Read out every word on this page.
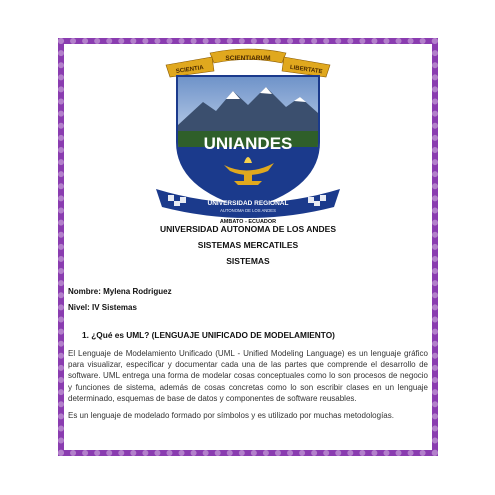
SCIENTIARUM
SCIENTIA	LIBERTATE
UNIANDES
UNIVERSIDAD REGIONAL
AUTONOMA DE LOS ANDES
AMBATO - ECUADOR
UNIVERSIDAD AUTONOMA DE LOS ANDES
SISTEMAS MERCATILES
SISTEMAS
Nombre: Mylena Rodriguez
Nivel: IV Sistemas
1. ¿Qué es UML? (LENGUAJE UNIFICADO DE MODELAMIENTO)
El Lenguaje de Modelamiento Unificado (UML - Unified Modeling Language) es un lenguaje gráfico para visualizar, especificar y documentar cada una de las partes que comprende el desarrollo de software. UML entrega una forma de modelar cosas conceptuales como lo son procesos de negocio y funciones de sistema, además de cosas concretas como lo son escribir clases en un lenguaje determinado, esquemas de base de datos y componentes de software reusables.
Es un lenguaje de modelado formado por símbolos y es utilizado por muchas metodologías.
